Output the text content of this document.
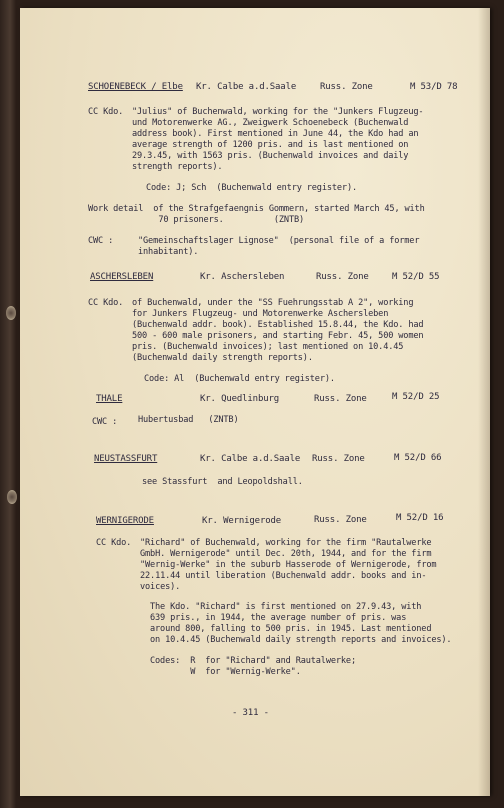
SCHOENEBECK / Elbe Kr. Calbe a.d.Saale	Russ. Zone	M 53/D 78
CC Kdo. "Julius" of Buchenwald, working for the "Junkers Flugzeug-
und Motorenwerke AG., Zweigwerk Schoenebeck (Buchenwald
address book). First mentioned in June 44, the Kdo had an
average strength of 1200 pris. and is last mentioned on
29.3.45, with 1563 pris. (Buchenwald invoices and daily
strength reports).
Code: J; Sch  (Buchenwald entry register).
Work detail  of the Strafgefaengnis Gommern, started March 45, with
70 prisoners.          (ZNTB)
CWC :	"Gemeinschaftslager Lignose"  (personal file of a former
inhabitant).
ASCHERSLEBEN	Kr. Aschersleben	Russ. Zone	M 52/D 55
CC Kdo. of Buchenwald, under the "SS Fuehrungsstab A 2", working
for Junkers Flugzeug- und Motorenwerke Aschersleben
(Buchenwald addr. book). Established 15.8.44, the Kdo. had
500 - 600 male prisoners, and starting Febr. 45, 500 women
pris. (Buchenwald invoices); last mentioned on 10.4.45
(Buchenwald daily strength reports).
Code: Al  (Buchenwald entry register).
THALE	Kr. Quedlinburg	Russ. Zone	M 52/D 25
CWC : Hubertusbad   (ZNTB)
NEUSTASSFURT	Kr. Calbe a.d.Saale Russ. Zone	M 52/D 66
see Stassfurt  and Leopoldshall.
WERNIGERODE	Kr. Wernigerode	Russ. Zone	M 52/D 16
CC Kdo. "Richard" of Buchenwald, working for the firm "Rautalwerke
GmbH. Wernigerode" until Dec. 20th, 1944, and for the firm
"Wernig-Werke" in the suburb Hasserode of Wernigerode, from
22.11.44 until liberation (Buchenwald addr. books and in-
voices).
The Kdo. "Richard" is first mentioned on 27.9.43, with
639 pris., in 1944, the average number of pris. was
around 800, falling to 500 pris. in 1945. Last mentioned
on 10.4.45 (Buchenwald daily strength reports and invoices).
Codes:  R  for "Richard" and Rautalwerke;
W  for "Wernig-Werke".
- 311 -
